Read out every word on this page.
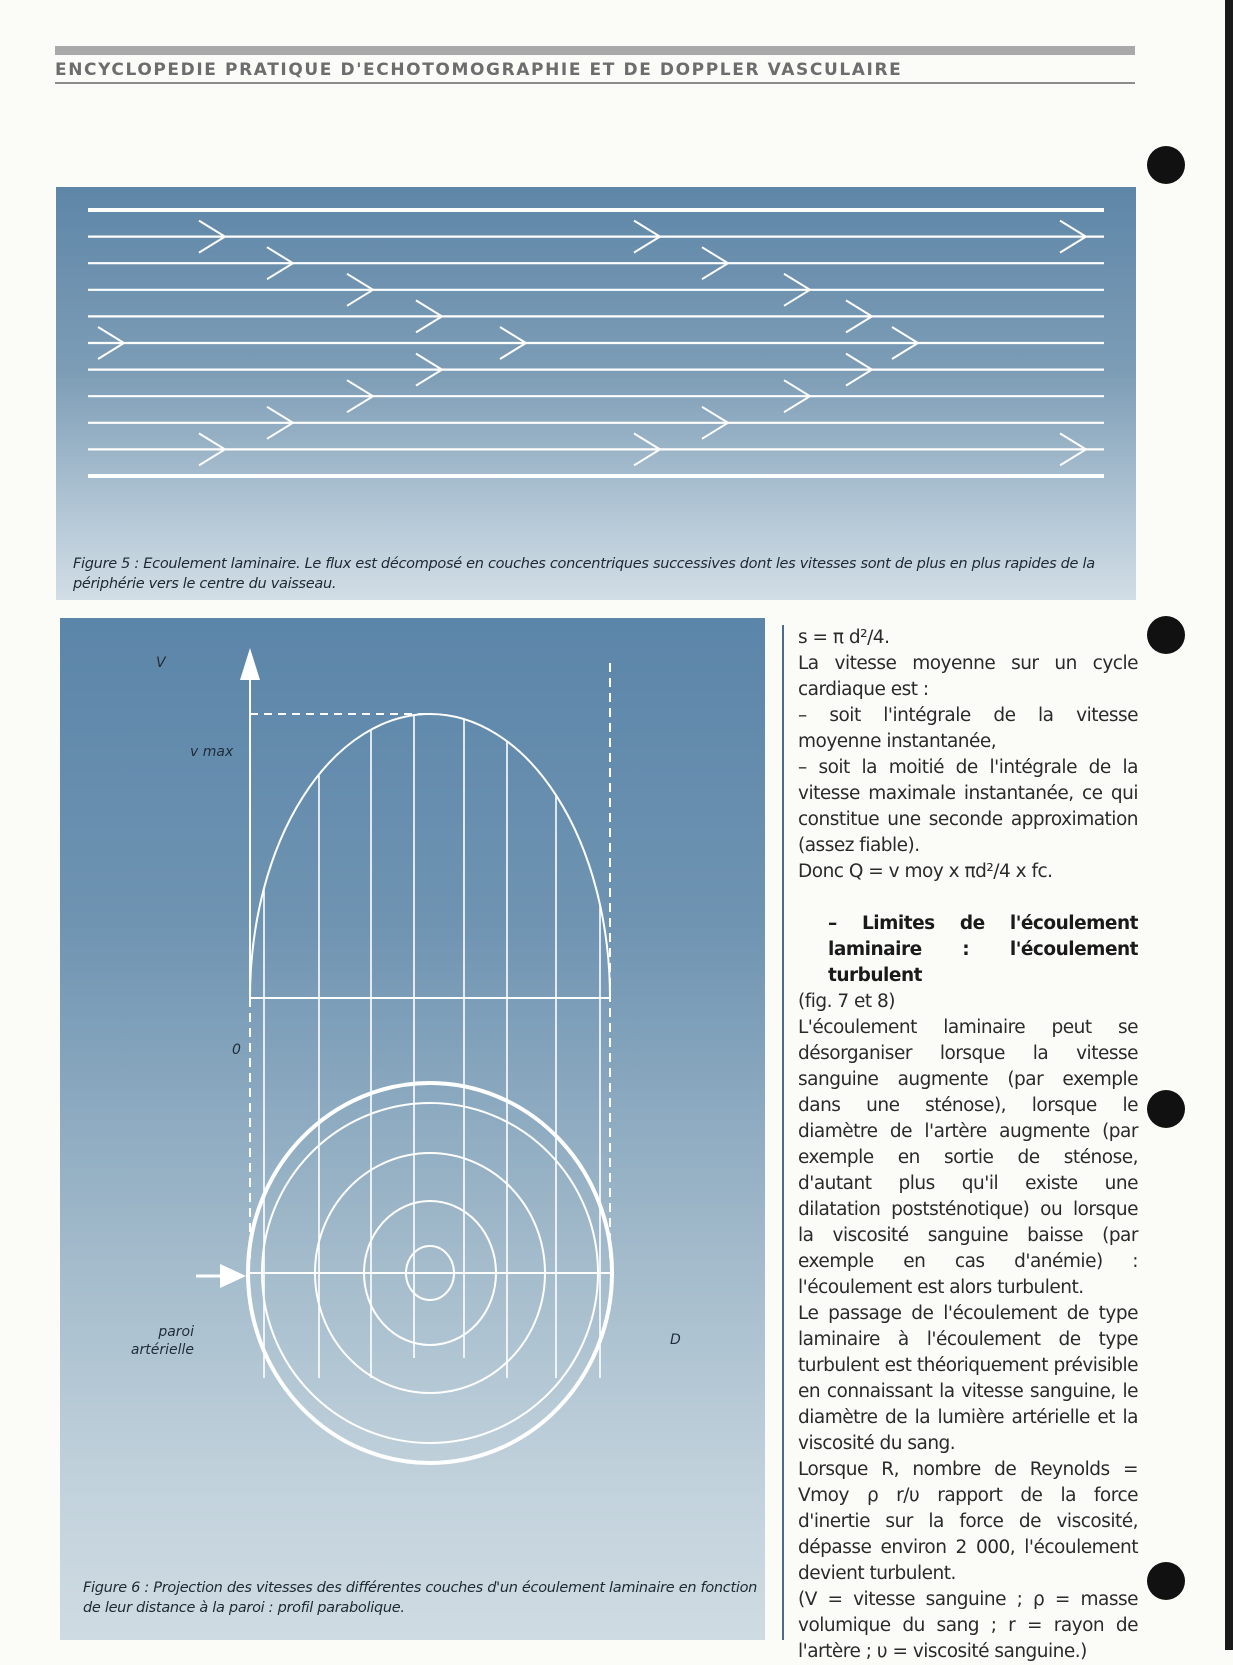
ENCYCLOPEDIE PRATIQUE D'ECHOTOMOGRAPHIE ET DE DOPPLER VASCULAIRE
Figure 5 : Ecoulement laminaire. Le flux est décomposé en couches concentriques successives dont les vitesses sont de plus en plus rapides de la périphérie vers le centre du vaisseau.
V
v max
0
D
paroi
artérielle
Figure 6 : Projection des vitesses des différentes couches d'un écoulement laminaire en fonction de leur distance à la paroi : profil parabolique.

s = π d²/4.

La vitesse moyenne sur un cycle cardiaque est :

– soit l'intégrale de la vitesse moyenne instantanée,

– soit la moitié de l'intégrale de la vitesse maximale instantanée, ce qui constitue une seconde approximation (assez fiable).

Donc Q = v moy x πd²/4 x fc.

– Limites de l'écoulement laminaire : l'écoulement turbulent

(fig. 7 et 8)

L'écoulement laminaire peut se désorganiser lorsque la vitesse sanguine augmente (par exemple dans une sténose), lorsque le diamètre de l'artère augmente (par exemple en sortie de sténose, d'autant plus qu'il existe une dilatation poststénotique) ou lorsque la viscosité sanguine baisse (par exemple en cas d'anémie) : l'écoulement est alors turbulent.

Le passage de l'écoulement de type laminaire à l'écoulement de type turbulent est théoriquement prévisible en connaissant la vitesse sanguine, le diamètre de la lumière artérielle et la viscosité du sang.

Lorsque R, nombre de Reynolds = Vmoy ρ r/υ rapport de la force d'inertie sur la force de viscosité, dépasse environ 2 000, l'écoulement devient turbulent.

(V = vitesse sanguine ; ρ = masse volumique du sang ; r = rayon de l'artère ; υ = viscosité sanguine.)
